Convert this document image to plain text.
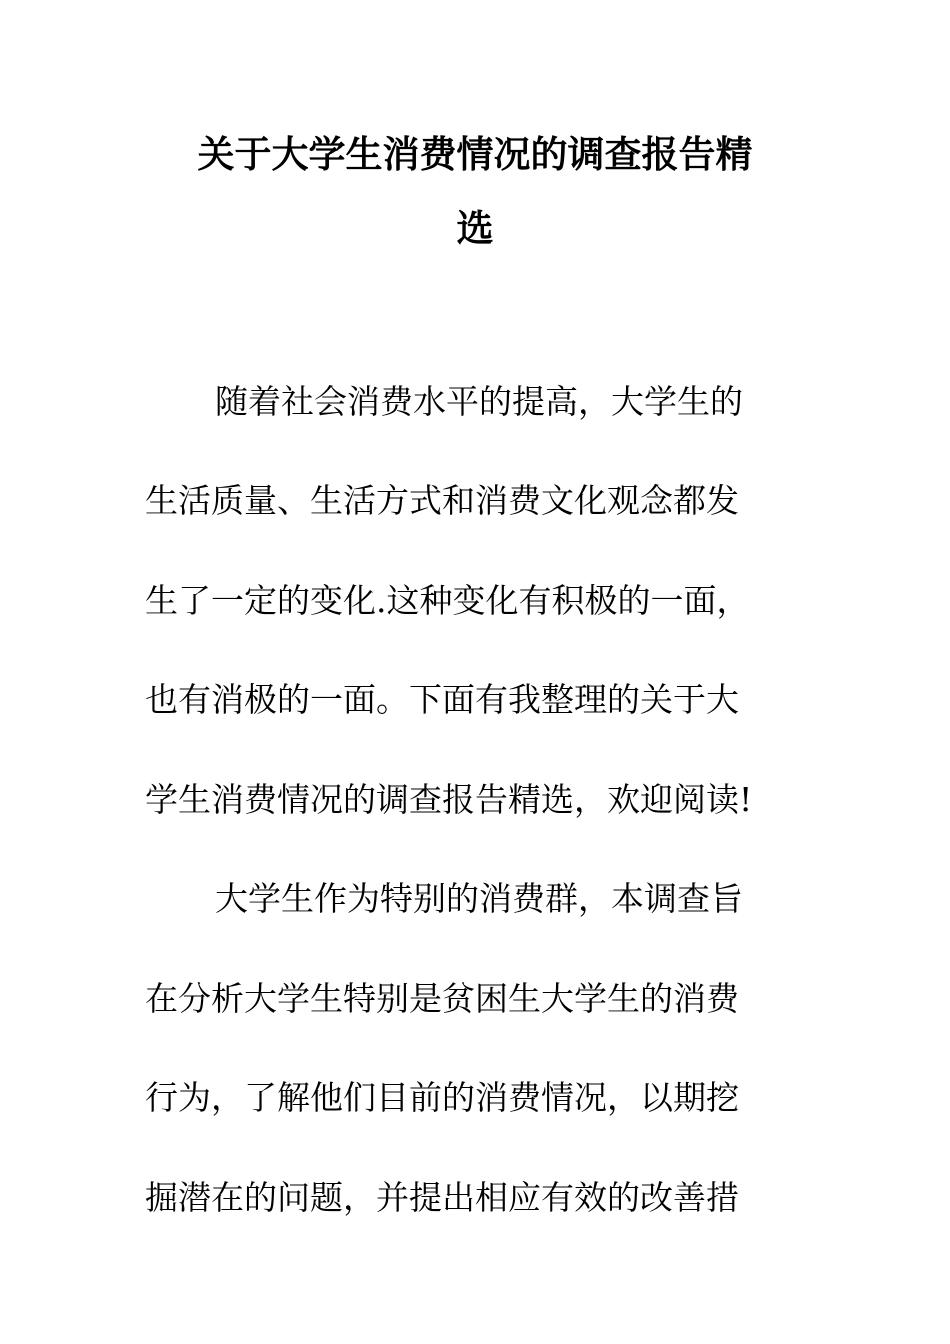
关于大学生消费情况的调查报告精
选

随着社会消费水平的提高，大学生的

生活质量、生活方式和消费文化观念都发

生了一定的变化.这种变化有积极的一面，

也有消极的一面。下面有我整理的关于大

学生消费情况的调查报告精选，欢迎阅读!

大学生作为特别的消费群，本调查旨

在分析大学生特别是贫困生大学生的消费

行为，了解他们目前的消费情况，以期挖

掘潜在的问题，并提出相应有效的改善措
